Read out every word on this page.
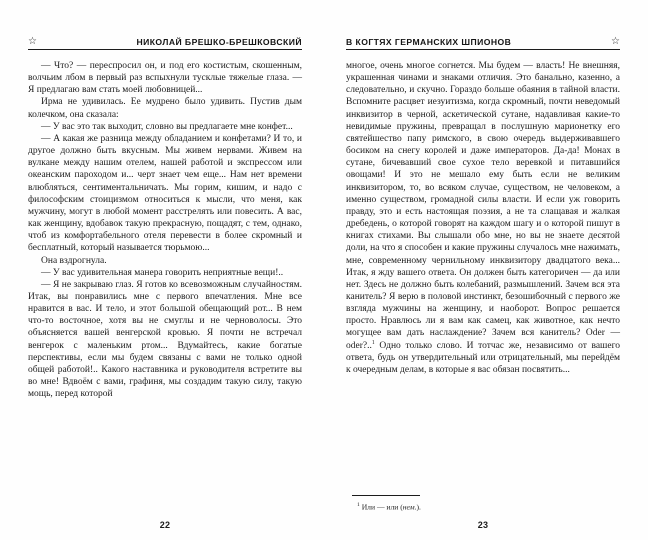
☆	НИКОЛАЙ БРЕШКО-БРЕШКОВСКИЙ

— Что? — переспросил он, и под его костистым, скошенным, волчьим лбом в первый раз вспыхнули тусклые тяжелые глаза. — Я предлагаю вам стать моей любовницей...

Ирма не удивилась. Ее мудрено было удивить. Пустив дым колечком, она сказала:

— У вас это так выходит, словно вы предлагаете мне конфет...

— А какая же разница между обладанием и конфетами? И то, и другое должно быть вкусным. Мы живем нервами. Живем на вулкане между нашим отелем, нашей работой и экспрессом или океанским пароходом и... черт знает чем еще... Нам нет времени влюбляться, сентиментальничать. Мы горим, кишим, и надо с философским стоицизмом относиться к мысли, что меня, как мужчину, могут в любой момент расстрелять или повесить. А вас, как женщину, вдобавок такую прекрасную, пощадят, с тем, однако, чтоб из комфортабельного отеля перевести в более скромный и бесплатный, который называется тюрьмою...

Она вздрогнула.

— У вас удивительная манера говорить неприятные вещи!..

— Я не закрываю глаз. Я готов ко всевозможным случайностям. Итак, вы понравились мне с первого впечатления. Мне все нравится в вас. И тело, и этот большой обещающий рот... В нем что-то восточное, хотя вы не смуглы и не черноволосы. Это объясняется вашей венгерской кровью. Я почти не встречал венгерок с маленьким ртом... Вдумайтесь, какие богатые перспективы, если мы будем связаны с вами не только одной общей работой!.. Какого наставника и руководителя встретите вы во мне! Вдвоём с вами, графиня, мы создадим такую силу, такую мощь, перед которой

22
В КОГТЯХ ГЕРМАНСКИХ ШПИОНОВ	☆

многое, очень многое согнется. Мы будем — власть! Не внешняя, украшенная чинами и знаками отличия. Это банально, казенно, а следовательно, и скучно. Гораздо больше обаяния в тайной власти. Вспомните расцвет иезуитизма, когда скромный, почти неведомый инквизитор в черной, аскетической сутане, надавливая какие-то невидимые пружины, превращал в послушную марионетку его святейшество папу римского, в свою очередь выдерживавшего босиком на снегу королей и даже императоров. Да-да! Монах в сутане, бичевавший свое сухое тело веревкой и питавшийся овощами! И это не мешало ему быть если не великим инквизитором, то, во всяком случае, существом, не человеком, а именно существом, громадной силы власти. И если уж говорить правду, это и есть настоящая поэзия, а не та слащавая и жалкая дребедень, о которой говорят на каждом шагу и о которой пишут в книгах стихами. Вы слышали обо мне, но вы не знаете десятой доли, на что я способен и какие пружины случалось мне нажимать, мне, современному чернильному инквизитору двадцатого века... Итак, я жду вашего ответа. Он должен быть категоричен — да или нет. Здесь не должно быть колебаний, размышлений. Зачем вся эта канитель? Я верю в половой инстинкт, безошибочный с первого же взгляда мужчины на женщину, и наоборот. Вопрос решается просто. Нравлюсь ли я вам как самец, как животное, как нечто могущее вам дать наслаждение? Зачем вся канитель? Oder — oder?..$^1$ Одно только слово. И тотчас же, независимо от вашего ответа, будь он утвердительный или отрицательный, мы перейдём к очередным делам, в которые я вас обязан посвятить...

$^1$ Или — или (нем.).
23
